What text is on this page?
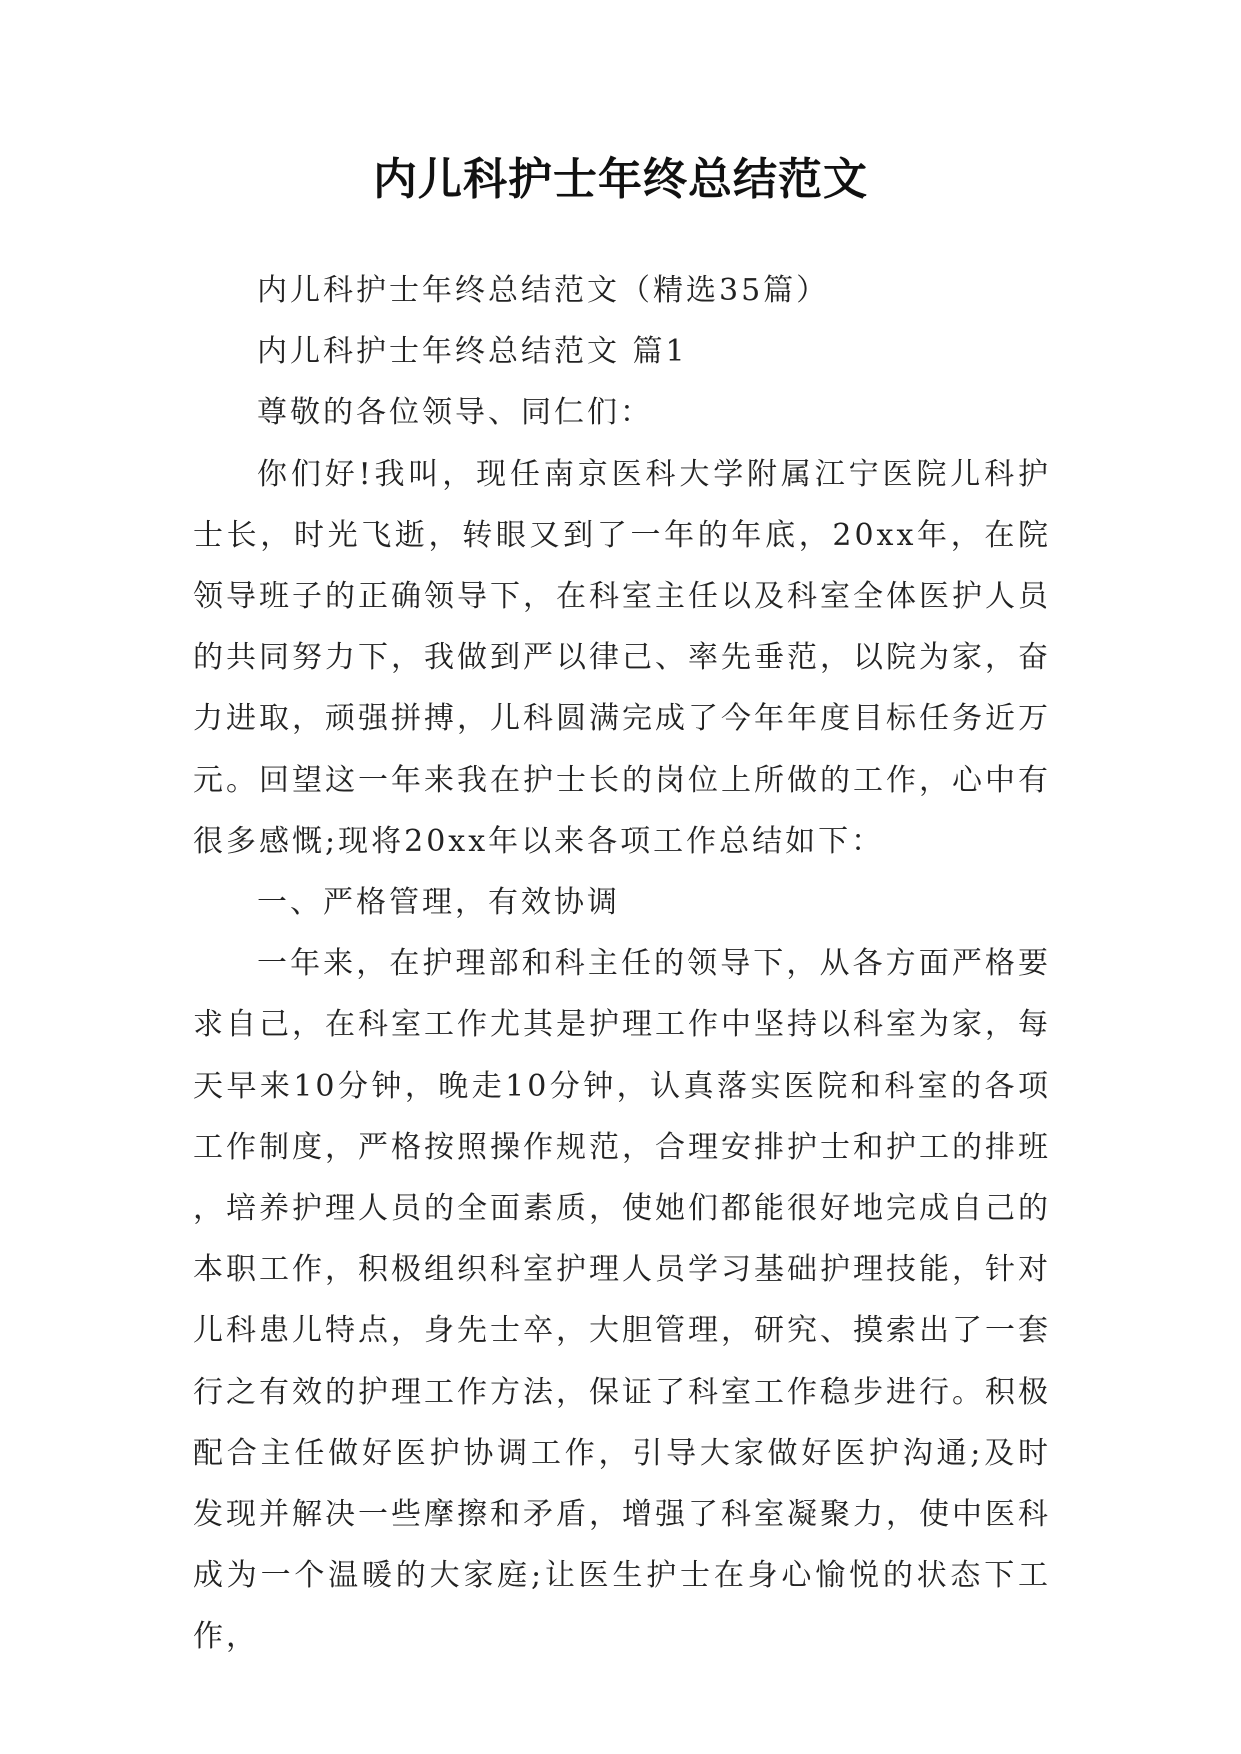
内儿科护士年终总结范文

内儿科护士年终总结范文（精选35篇）

内儿科护士年终总结范文 篇1

尊敬的各位领导、同仁们：

你们好!我叫，现任南京医科大学附属江宁医院儿科护士长，时光飞逝，转眼又到了一年的年底，20xx年，在院领导班子的正确领导下，在科室主任以及科室全体医护人员的共同努力下，我做到严以律己、率先垂范，以院为家，奋力进取，顽强拼搏，儿科圆满完成了今年年度目标任务近万元。回望这一年来我在护士长的岗位上所做的工作，心中有很多感慨;现将20xx年以来各项工作总结如下：

一、严格管理，有效协调

一年来，在护理部和科主任的领导下，从各方面严格要求自己，在科室工作尤其是护理工作中坚持以科室为家，每天早来10分钟，晚走10分钟，认真落实医院和科室的各项工作制度，严格按照操作规范，合理安排护士和护工的排班，培养护理人员的全面素质，使她们都能很好地完成自己的本职工作，积极组织科室护理人员学习基础护理技能，针对儿科患儿特点，身先士卒，大胆管理，研究、摸索出了一套行之有效的护理工作方法，保证了科室工作稳步进行。积极配合主任做好医护协调工作，引导大家做好医护沟通;及时发现并解决一些摩擦和矛盾，增强了科室凝聚力，使中医科成为一个温暖的大家庭;让医生护士在身心愉悦的状态下工作，
